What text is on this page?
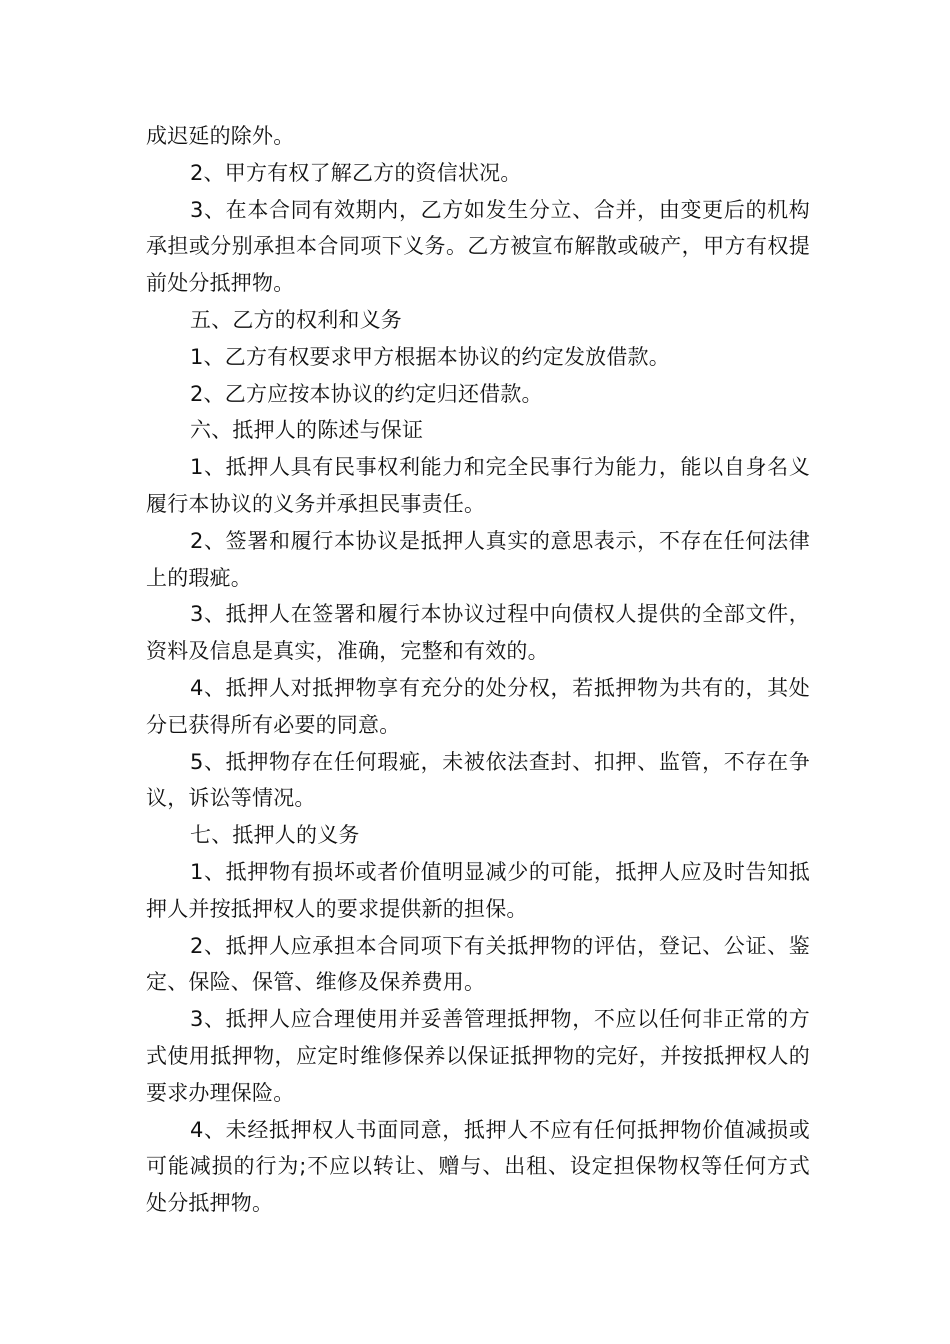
成迟延的除外。

2、甲方有权了解乙方的资信状况。

3、在本合同有效期内，乙方如发生分立、合并，由变更后的机构承担或分别承担本合同项下义务。乙方被宣布解散或破产，甲方有权提前处分抵押物。

五、乙方的权利和义务

1、乙方有权要求甲方根据本协议的约定发放借款。

2、乙方应按本协议的约定归还借款。

六、抵押人的陈述与保证

1、抵押人具有民事权利能力和完全民事行为能力，能以自身名义履行本协议的义务并承担民事责任。

2、签署和履行本协议是抵押人真实的意思表示，不存在任何法律上的瑕疵。

3、抵押人在签署和履行本协议过程中向债权人提供的全部文件，资料及信息是真实，准确，完整和有效的。

4、抵押人对抵押物享有充分的处分权，若抵押物为共有的，其处分已获得所有必要的同意。

5、抵押物存在任何瑕疵，未被依法查封、扣押、监管，不存在争议，诉讼等情况。

七、抵押人的义务

1、抵押物有损坏或者价值明显减少的可能，抵押人应及时告知抵押人并按抵押权人的要求提供新的担保。

2、抵押人应承担本合同项下有关抵押物的评估，登记、公证、鉴定、保险、保管、维修及保养费用。

3、抵押人应合理使用并妥善管理抵押物，不应以任何非正常的方式使用抵押物，应定时维修保养以保证抵押物的完好，并按抵押权人的要求办理保险。

4、未经抵押权人书面同意，抵押人不应有任何抵押物价值减损或可能减损的行为;不应以转让、赠与、出租、设定担保物权等任何方式处分抵押物。
